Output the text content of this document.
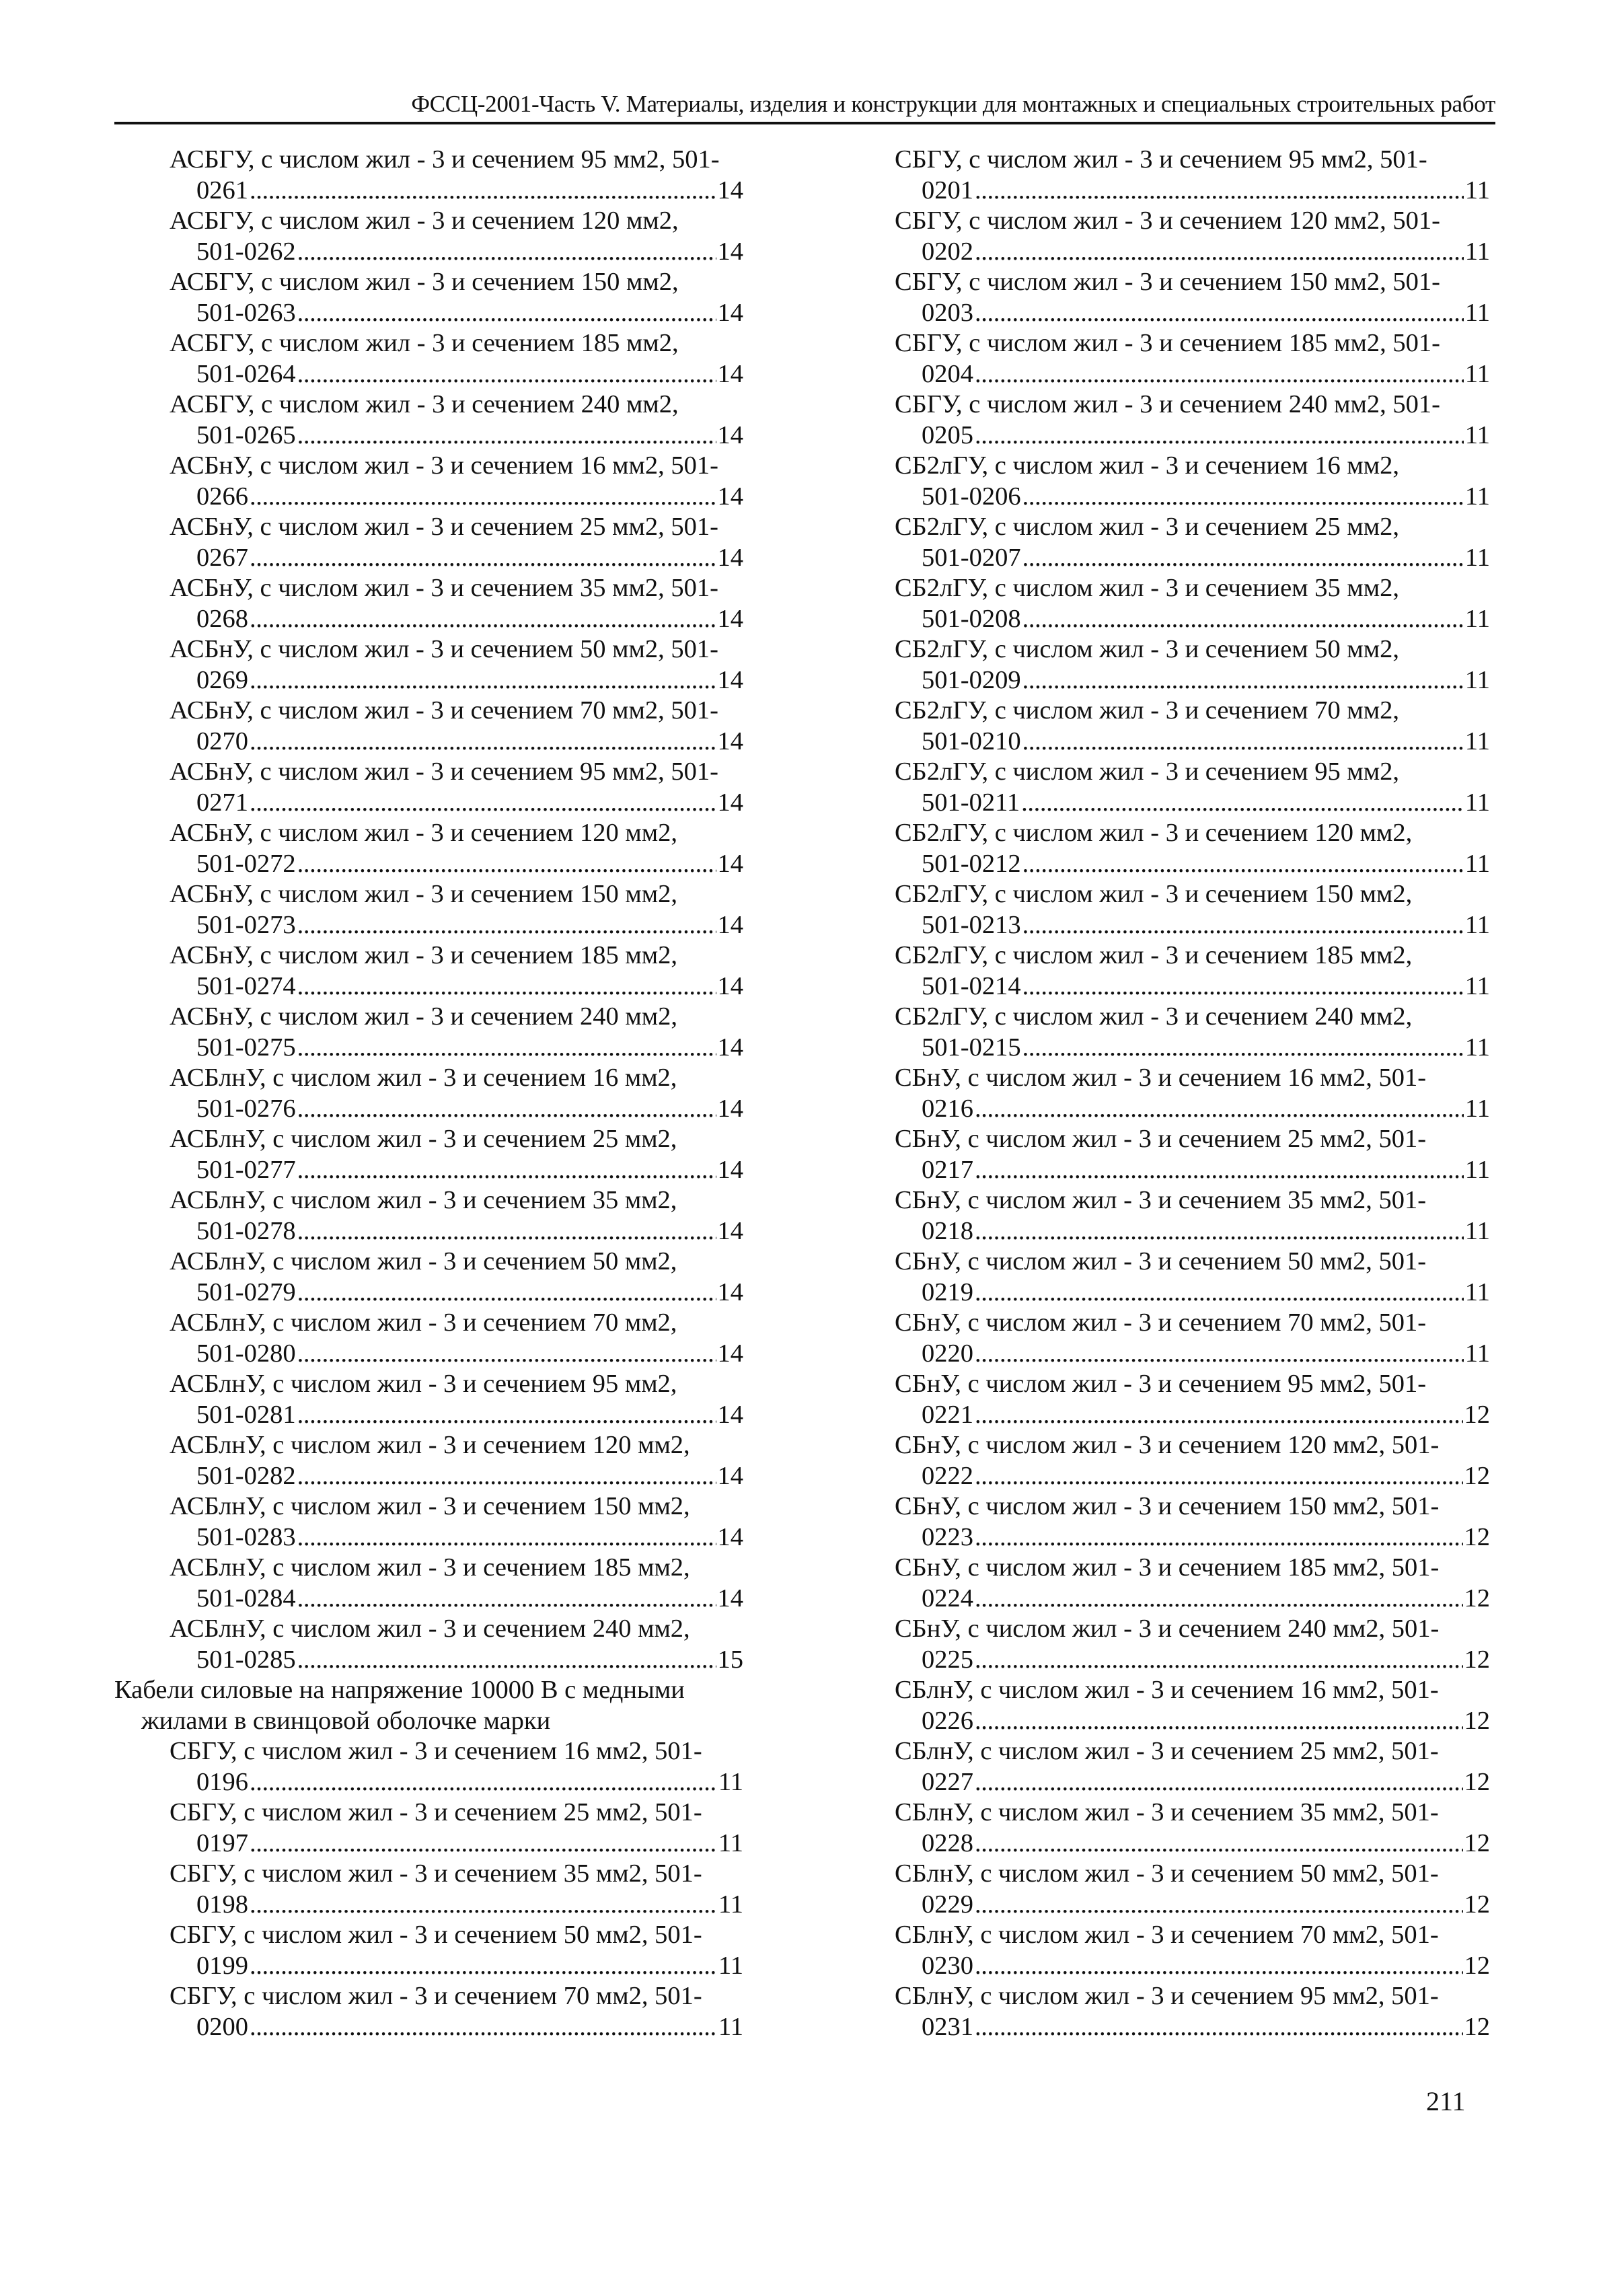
ФССЦ-2001-Часть V. Материалы, изделия и конструкции для монтажных и специальных строительных работ
АСБГУ, с числом жил - 3 и сечением 95 мм2, 501-
0261 . . .	14
АСБГУ, с числом жил - 3 и сечением 120 мм2,
501-0262 . . .	14
АСБГУ, с числом жил - 3 и сечением 150 мм2,
501-0263 . . .	14
АСБГУ, с числом жил - 3 и сечением 185 мм2,
501-0264 . . .	14
АСБГУ, с числом жил - 3 и сечением 240 мм2,
501-0265 . . .	14
АСБнУ, с числом жил - 3 и сечением 16 мм2, 501-
0266 . . .	14
АСБнУ, с числом жил - 3 и сечением 25 мм2, 501-
0267 . . .	14
АСБнУ, с числом жил - 3 и сечением 35 мм2, 501-
0268 . . .	14
АСБнУ, с числом жил - 3 и сечением 50 мм2, 501-
0269 . . .	14
АСБнУ, с числом жил - 3 и сечением 70 мм2, 501-
0270 . . .	14
АСБнУ, с числом жил - 3 и сечением 95 мм2, 501-
0271 . . .	14
АСБнУ, с числом жил - 3 и сечением 120 мм2,
501-0272 . . .	14
АСБнУ, с числом жил - 3 и сечением 150 мм2,
501-0273 . . .	14
АСБнУ, с числом жил - 3 и сечением 185 мм2,
501-0274 . . .	14
АСБнУ, с числом жил - 3 и сечением 240 мм2,
501-0275 . . .	14
АСБлнУ, с числом жил - 3 и сечением 16 мм2,
501-0276 . . .	14
АСБлнУ, с числом жил - 3 и сечением 25 мм2,
501-0277 . . .	14
АСБлнУ, с числом жил - 3 и сечением 35 мм2,
501-0278 . . .	14
АСБлнУ, с числом жил - 3 и сечением 50 мм2,
501-0279 . . .	14
АСБлнУ, с числом жил - 3 и сечением 70 мм2,
501-0280 . . .	14
АСБлнУ, с числом жил - 3 и сечением 95 мм2,
501-0281 . . .	14
АСБлнУ, с числом жил - 3 и сечением 120 мм2,
501-0282 . . .	14
АСБлнУ, с числом жил - 3 и сечением 150 мм2,
501-0283 . . .	14
АСБлнУ, с числом жил - 3 и сечением 185 мм2,
501-0284 . . .	14
АСБлнУ, с числом жил - 3 и сечением 240 мм2,
501-0285 . . .	15
Кабели силовые на напряжение 10000 В с медными
жилами в свинцовой оболочке марки
СБГУ, с числом жил - 3 и сечением 16 мм2, 501-
0196 . . .	11
СБГУ, с числом жил - 3 и сечением 25 мм2, 501-
0197 . . .	11
СБГУ, с числом жил - 3 и сечением 35 мм2, 501-
0198 . . .	11
СБГУ, с числом жил - 3 и сечением 50 мм2, 501-
0199 . . .	11
СБГУ, с числом жил - 3 и сечением 70 мм2, 501-
0200 . . .	11
СБГУ, с числом жил - 3 и сечением 95 мм2, 501-
0201 . . .	11
СБГУ, с числом жил - 3 и сечением 120 мм2, 501-
0202 . . .	11
СБГУ, с числом жил - 3 и сечением 150 мм2, 501-
0203 . . .	11
СБГУ, с числом жил - 3 и сечением 185 мм2, 501-
0204 . . .	11
СБГУ, с числом жил - 3 и сечением 240 мм2, 501-
0205 . . .	11
СБ2лГУ, с числом жил - 3 и сечением 16 мм2,
501-0206 . . .	11
СБ2лГУ, с числом жил - 3 и сечением 25 мм2,
501-0207 . . .	11
СБ2лГУ, с числом жил - 3 и сечением 35 мм2,
501-0208 . . .	11
СБ2лГУ, с числом жил - 3 и сечением 50 мм2,
501-0209 . . .	11
СБ2лГУ, с числом жил - 3 и сечением 70 мм2,
501-0210 . . .	11
СБ2лГУ, с числом жил - 3 и сечением 95 мм2,
501-0211 . . .	11
СБ2лГУ, с числом жил - 3 и сечением 120 мм2,
501-0212 . . .	11
СБ2лГУ, с числом жил - 3 и сечением 150 мм2,
501-0213 . . .	11
СБ2лГУ, с числом жил - 3 и сечением 185 мм2,
501-0214 . . .	11
СБ2лГУ, с числом жил - 3 и сечением 240 мм2,
501-0215 . . .	11
СБнУ, с числом жил - 3 и сечением 16 мм2, 501-
0216 . . .	11
СБнУ, с числом жил - 3 и сечением 25 мм2, 501-
0217 . . .	11
СБнУ, с числом жил - 3 и сечением 35 мм2, 501-
0218 . . .	11
СБнУ, с числом жил - 3 и сечением 50 мм2, 501-
0219 . . .	11
СБнУ, с числом жил - 3 и сечением 70 мм2, 501-
0220 . . .	11
СБнУ, с числом жил - 3 и сечением 95 мм2, 501-
0221 . . .	12
СБнУ, с числом жил - 3 и сечением 120 мм2, 501-
0222 . . .	12
СБнУ, с числом жил - 3 и сечением 150 мм2, 501-
0223 . . .	12
СБнУ, с числом жил - 3 и сечением 185 мм2, 501-
0224 . . .	12
СБнУ, с числом жил - 3 и сечением 240 мм2, 501-
0225 . . .	12
СБлнУ, с числом жил - 3 и сечением 16 мм2, 501-
0226 . . .	12
СБлнУ, с числом жил - 3 и сечением 25 мм2, 501-
0227 . . .	12
СБлнУ, с числом жил - 3 и сечением 35 мм2, 501-
0228 . . .	12
СБлнУ, с числом жил - 3 и сечением 50 мм2, 501-
0229 . . .	12
СБлнУ, с числом жил - 3 и сечением 70 мм2, 501-
0230 . . .	12
СБлнУ, с числом жил - 3 и сечением 95 мм2, 501-
0231 . . .	12
211
